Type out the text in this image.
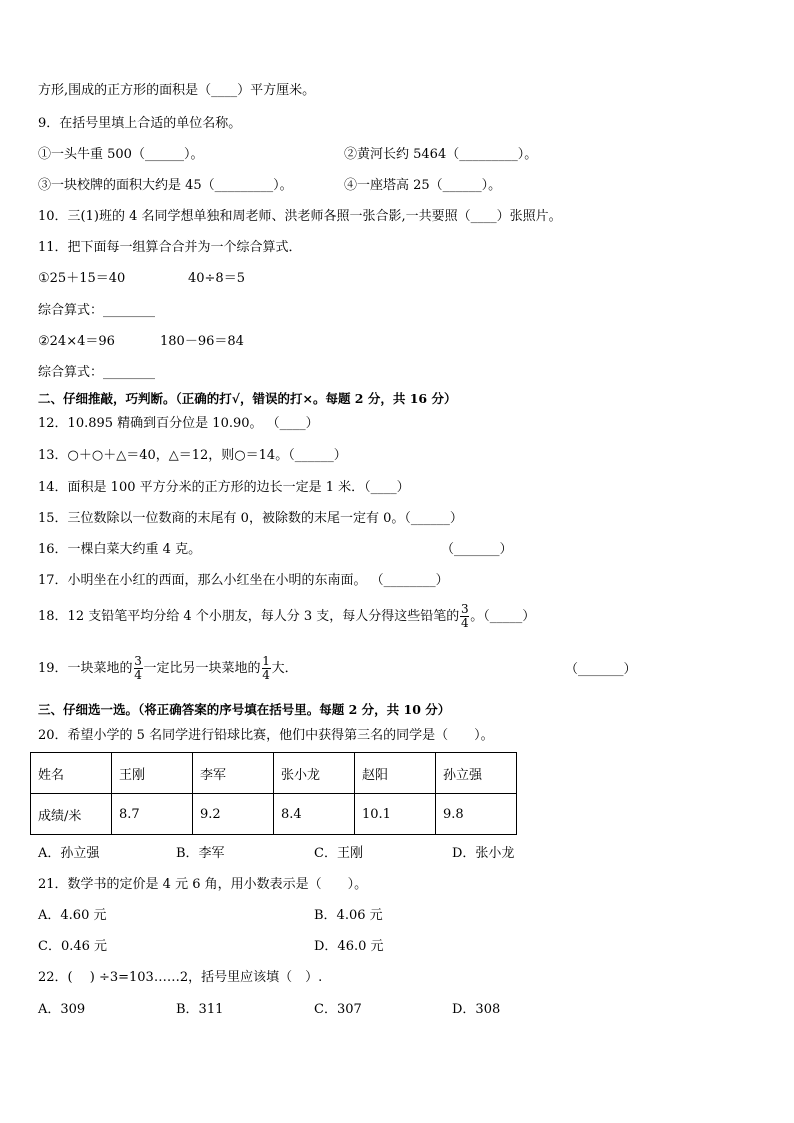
方形,围成的正方形的面积是（____）平方厘米。
9．在括号里填上合适的单位名称。
①一头牛重 500（______）。	②黄河长约 5464（_________）。
③一块校牌的面积大约是 45（_________）。	④一座塔高 25（______）。
10．三(1)班的 4 名同学想单独和周老师、洪老师各照一张合影,一共要照（____）张照片。
11．把下面每一组算合合并为一个综合算式．
①25＋15＝40	40÷8＝5
综合算式：________
②24×4＝96	180－96＝84
综合算式：________
二、仔细推敲，巧判断。（正确的打√，错误的打×。每题 2 分，共 16 分）
12．10.895 精确到百分位是 10.90。 （____）
13．○＋○＋△＝40，△＝12，则○＝14。（______）
14．面积是 100 平方分米的正方形的边长一定是 1 米．（____）
15．三位数除以一位数商的末尾有 0，被除数的末尾一定有 0。（______）
16．一棵白菜大约重 4 克。	（_______）
17．小明坐在小红的西面，那么小红坐在小明的东南面。 （________）
18．12 支铅笔平均分给 4 个小朋友，每人分 3 支，每人分得这些铅笔的 $\frac{3}{4}$ 。（_____）
19．一块菜地的 $\frac{3}{4}$ 一定比另一块菜地的 $\frac{1}{4}$ 大．	（_______）
三、仔细选一选。（将正确答案的序号填在括号里。每题 2 分，共 10 分）
20．希望小学的 5 名同学进行铅球比赛，他们中获得第三名的同学是（　　）。
姓名	王刚	李军	张小龙	赵阳	孙立强
成绩/米	8.7	9.2	8.4	10.1	9.8
A．孙立强	B．李军	C．王刚	D．张小龙
21．数学书的定价是 4 元 6 角，用小数表示是（　　）。
A．4.60 元	B．4.06 元
C．0.46 元	D．46.0 元
22．(　 ) ÷3=103……2，括号里应该填（　）.
A．309	B．311	C．307	D．308
